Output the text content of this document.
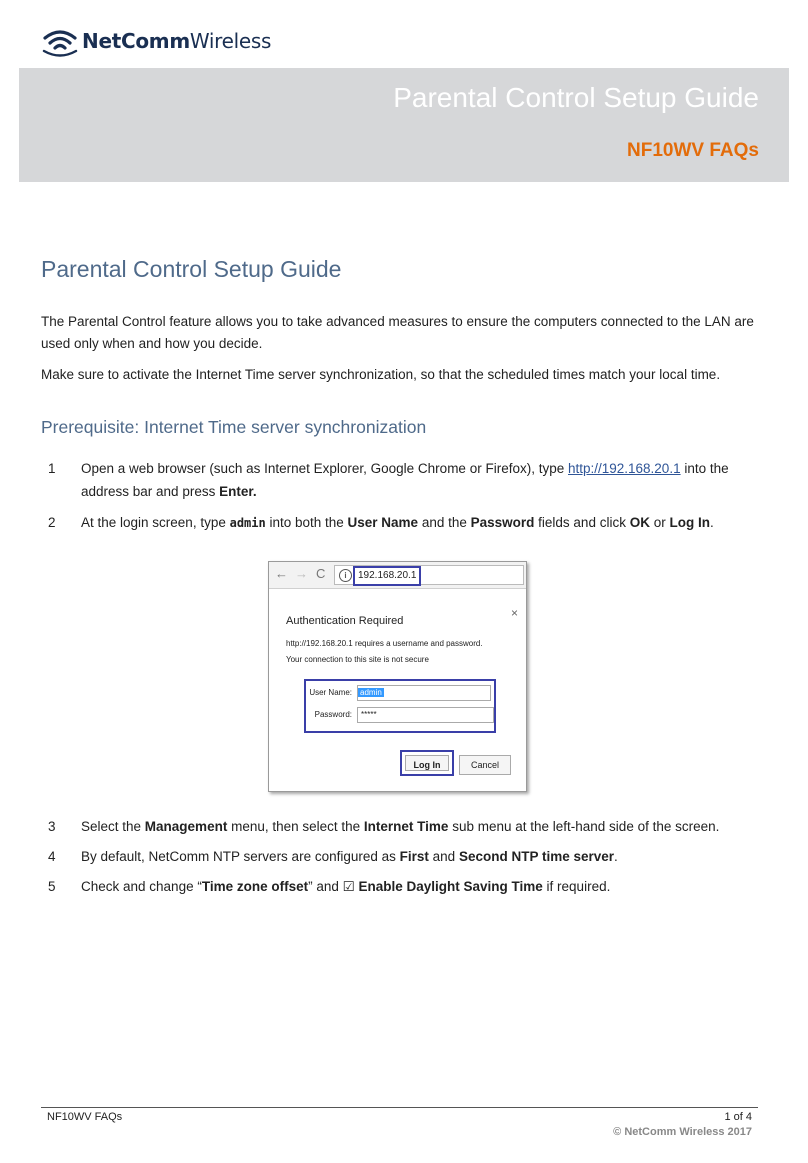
NetCommWireless
Parental Control Setup Guide
NF10WV FAQs
Parental Control Setup Guide
The Parental Control feature allows you to take advanced measures to ensure the computers connected to the LAN are used only when and how you decide.
Make sure to activate the Internet Time server synchronization, so that the scheduled times match your local time.
Prerequisite: Internet Time server synchronization
1 Open a web browser (such as Internet Explorer, Google Chrome or Firefox), type http://192.168.20.1 into the address bar and press Enter.
2 At the login screen, type admin into both the User Name and the Password fields and click OK or Log In.
← → C	i	192.168.20.1
Authentication Required
×
http://192.168.20.1 requires a username and password.
Your connection to this site is not secure
User Name:	admin
Password:	*****
Log In	Cancel
3 Select the Management menu, then select the Internet Time sub menu at the left-hand side of the screen.
4 By default, NetComm NTP servers are configured as First and Second NTP time server.
5 Check and change “Time zone offset” and ☑ Enable Daylight Saving Time if required.
NF10WV FAQs	1 of 4
© NetComm Wireless 2017
